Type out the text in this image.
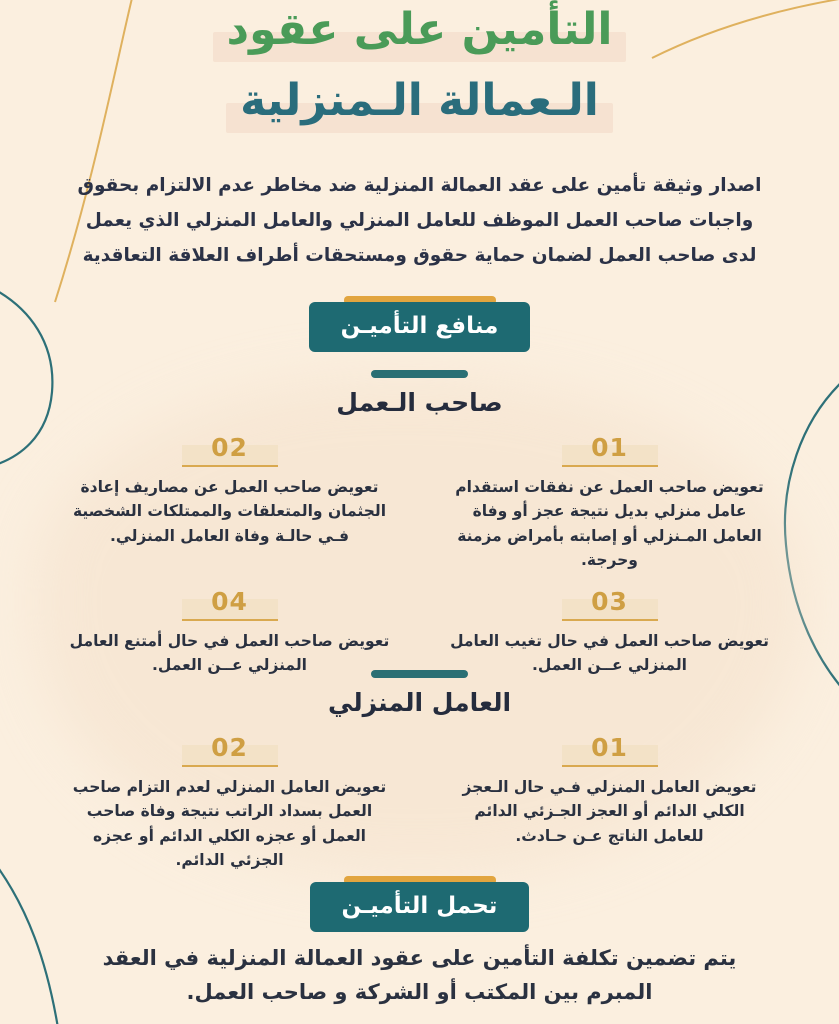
التأمين على عقود
الـعمالة الـمنزلية

اصدار وثيقة تأمين على عقد العمالة المنزلية ضد مخاطر عدم الالتزام بحقوق واجبات صاحب العمل الموظف للعامل المنزلي والعامل المنزلي الذي يعمل لدى صاحب العمل لضمان حماية حقوق ومستحقات أطراف العلاقة التعاقدية

منافع التأميـن
صاحب الـعمل
01

تعويض صاحب العمل عن نفقات استقدام عامل منزلي بديل نتيجة عجز أو وفاة العامل المـنزلي أو إصابته بأمراض مزمنة وحرجة.

02

تعويض صاحب العمل عن مصاريف إعادة الجثمان والمتعلقات والممتلكات الشخصية فـي حالـة وفاة العامل المنزلي.

03

تعويض صاحب العمل في حال تغيب العامل المنزلي عــن العمل.

04

تعويض صاحب العمل في حال أمتنع العامل المنزلي عــن العمل.

العامل المنزلي
01

تعويض العامل المنزلي فـي حال الـعجز الكلي الدائم أو العجز الجـزئي الدائم للعامل الناتج عـن حـادث.

02

تعويض العامل المنزلي لعدم التزام صاحب العمل بسداد الراتب نتيجة وفاة صاحب العمل أو عجزه الكلي الدائم أو عجزه الجزئي الدائم.

تحمل التأميـن

يتم تضمين تكلفة التأمين على عقود العمالة المنزلية في العقد المبرم بين المكتب أو الشركة و صاحب العمل.
